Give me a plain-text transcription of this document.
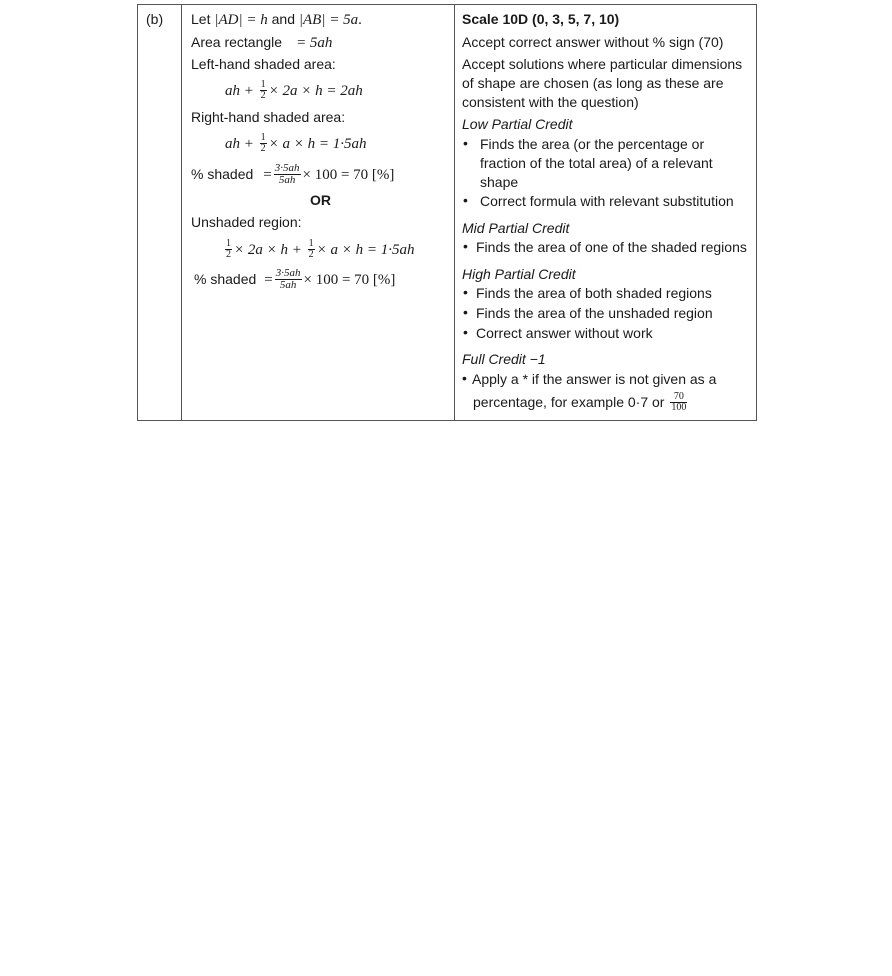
(b) Let |AD| = h and |AB| = 5a.
Area rectangle = 5ah
Left-hand shaded area:
ah + $\frac{1}{2} \times 2a \times h = 2ah$
Right-hand shaded area:
ah + $\frac{1}{2} \times a \times h = 1\cdot 5ah$
% shaded = $\frac{3\cdot 5ah}{5ah} \times 100 = 70$ [%]
OR
Unshaded region:
$\frac{1}{2} \times 2a \times h + \frac{1}{2} \times a \times h = 1\cdot 5ah$
% shaded = $\frac{3\cdot 5ah}{5ah} \times 100 = 70$ [%]
Scale 10D (0, 3, 5, 7, 10)
Accept correct answer without % sign (70)
Accept solutions where particular dimensions
of shape are chosen (as long as these are
consistent with the question)
Low Partial Credit
• Finds the area (or the percentage or
fraction of the total area) of a relevant
shape
• Correct formula with relevant substitution
Mid Partial Credit
• Finds the area of one of the shaded regions
High Partial Credit
• Finds the area of both shaded regions
• Finds the area of the unshaded region
• Correct answer without work
Full Credit −1
• Apply a * if the answer is not given as a
percentage, for example 0·7 or $\frac{70}{100}$
